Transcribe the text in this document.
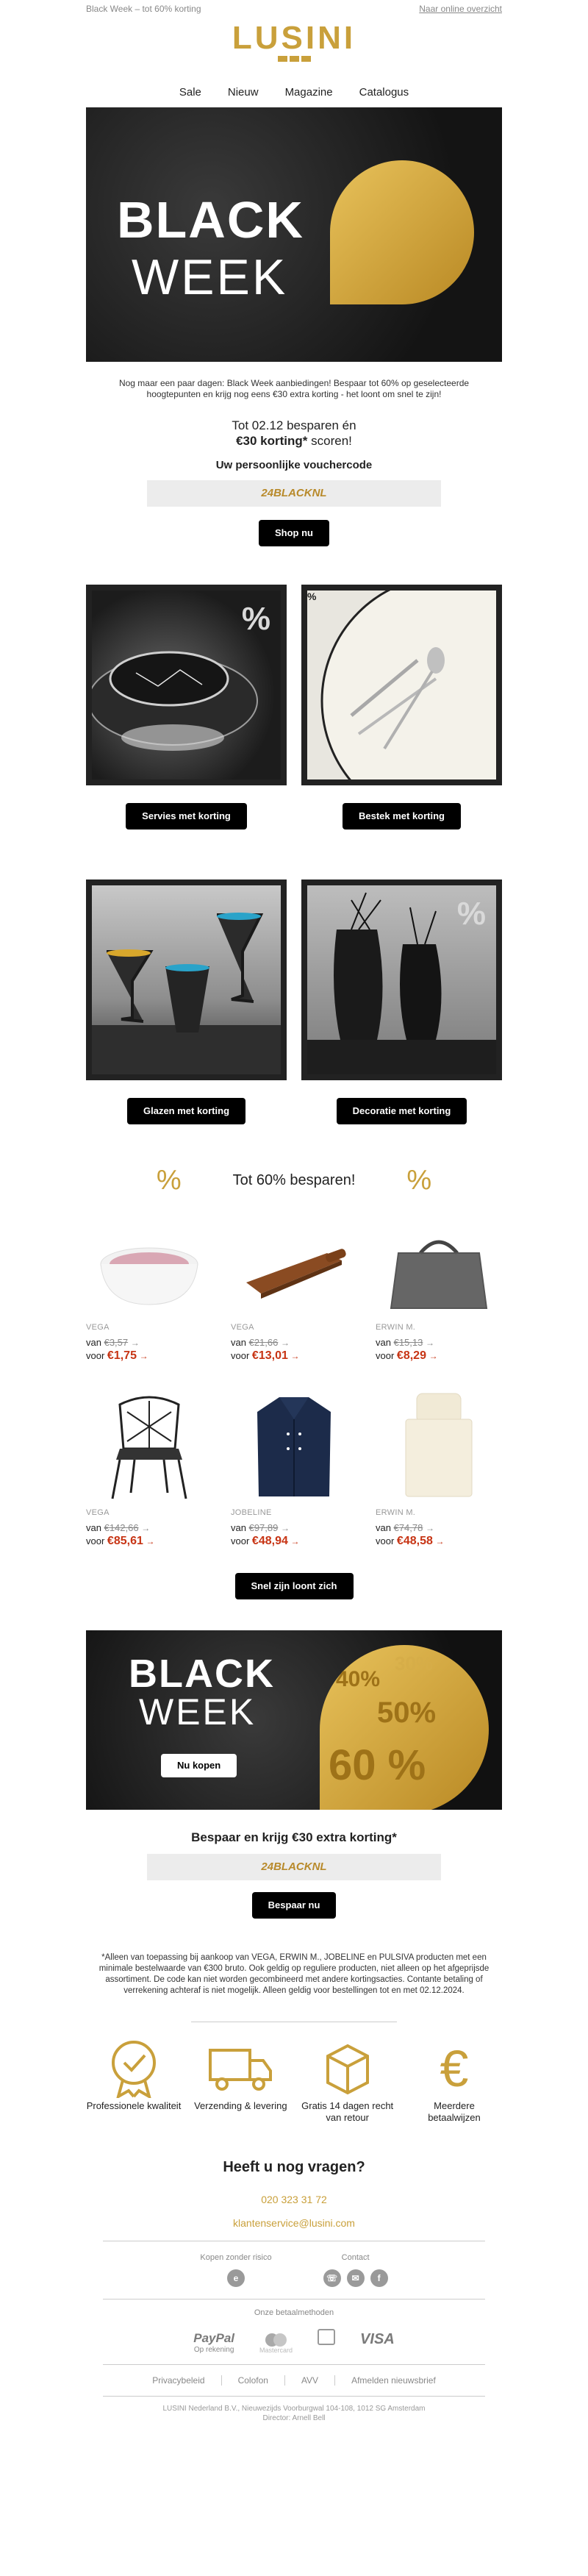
Black Week – tot 60% korting	Naar online overzicht
LUSINI
Sale Nieuw Magazine Catalogus
BLACK
WEEK

Nog maar een paar dagen: Black Week aanbiedingen! Bespaar tot 60% op geselecteerde hoogtepunten en krijg nog eens €30 extra korting - het loont om snel te zijn!

Tot 02.12 besparen én
€30 korting* scoren!
Uw persoonlijke vouchercode
24BLACKNL
Shop nu
%
Servies met korting
%
Bestek met korting
Glazen met korting
%
Decoratie met korting
%	Tot 60% besparen! %
VEGA
van €3,57 →
voor €1,75 →
VEGA
van €21,66 →
voor €13,01 →
ERWIN M.
van €15,13 →
voor €8,29 →
VEGA
van €142,66 →
voor €85,61 →
JOBELINE
van €97,89 →
voor €48,94 →
ERWIN M.
van €74,78 →
voor €48,58 →
Snel zijn loont zich
BLACK
WEEK
Nu kopen
40%
30%
50%
60 %
Bespaar en krijg €30 extra korting*
24BLACKNL
Bespaar nu

*Alleen van toepassing bij aankoop van VEGA, ERWIN M., JOBELINE en PULSIVA producten met een minimale bestelwaarde van €300 bruto. Ook geldig op reguliere producten, niet alleen op het afgeprijsde assortiment. De code kan niet worden gecombineerd met andere kortingsacties. Contante betaling of verrekening achteraf is niet mogelijk. Alleen geldig voor bestellingen tot en met 02.12.2024.

Professionele kwaliteit Verzending & levering Gratis 14 dagen recht van retour
€
Meerdere betaalwijzen
Heeft u nog vragen?
020 323 31 72
klantenservice@lusini.com
Kopen zonder risico
e
Contact
☏	✉	f
Onze betaalmethoden
PayPal
Op rekening	Mastercard
VISA
Privacybeleid	Colofon	AVV	Afmelden nieuwsbrief
LUSINI Nederland B.V., Nieuwezijds Voorburgwal 104-108, 1012 SG Amsterdam
Director: Arnell Bell
